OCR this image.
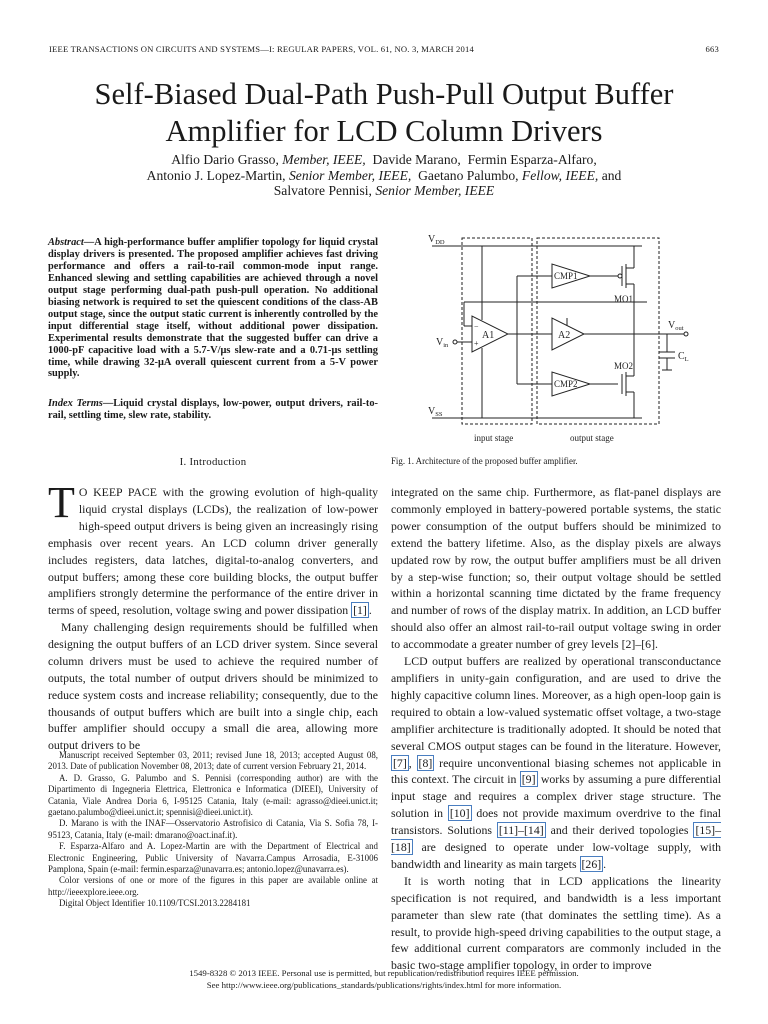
IEEE TRANSACTIONS ON CIRCUITS AND SYSTEMS—I: REGULAR PAPERS, VOL. 61, NO. 3, MARCH 2014	663
Self-Biased Dual-Path Push-Pull Output Buffer
Amplifier for LCD Column Drivers
Alfio Dario Grasso, Member, IEEE, Davide Marano, Fermin Esparza-Alfaro,
Antonio J. Lopez-Martin, Senior Member, IEEE, Gaetano Palumbo, Fellow, IEEE, and
Salvatore Pennisi, Senior Member, IEEE
Abstract—A high-performance buffer amplifier topology for liquid crystal display drivers is presented. The proposed amplifier achieves fast driving performance and offers a rail-to-rail common-mode input range. Enhanced slewing and settling capabilities are achieved through a novel output stage performing dual-path push-pull operation. No additional biasing network is required to set the quiescent conditions of the class-AB output stage, since the output static current is inherently controlled by the input differential stage itself, without additional power dissipation. Experimental results demonstrate that the suggested buffer can drive a 1000-pF capacitive load with a 5.7-V/μs slew-rate and a 0.71-μs settling time, while drawing 32-μA overall quiescent current from a 5-V power supply.
Index Terms—Liquid crystal displays, low-power, output drivers, rail-to-rail, settling time, slew rate, stability.
I. Introduction

T O KEEP PACE with the growing evolution of high-quality liquid crystal displays (LCDs), the realization of low-power high-speed output drivers is being given an increasingly rising emphasis over recent years. An LCD column driver generally includes registers, data latches, digital-to-analog converters, and output buffers; among these core building blocks, the output buffer amplifiers strongly determine the performance of the entire driver in terms of speed, resolution, voltage swing and power dissipation [1] .

Many challenging design requirements should be fulfilled when designing the output buffers of an LCD driver system. Since several column drivers must be used to achieve the required number of outputs, the total number of output drivers should be minimized to reduce system costs and increase reliability; consequently, due to the thousands of output buffers which are built into a single chip, each buffer amplifier should occupy a small die area, allowing more output drivers to be

Manuscript received September 03, 2011; revised June 18, 2013; accepted August 08, 2013. Date of publication November 08, 2013; date of current version February 21, 2014.

A. D. Grasso, G. Palumbo and S. Pennisi (corresponding author) are with the Dipartimento di Ingegneria Elettrica, Elettronica e Informatica (DIEEI), University of Catania, Viale Andrea Doria 6, I-95125 Catania, Italy (e-mail: agrasso@dieei.unict.it; gaetano.palumbo@dieei.unict.it; spennisi@dieei.unict.it).

D. Marano is with the INAF—Osservatorio Astrofisico di Catania, Via S. Sofia 78, I-95123, Catania, Italy (e-mail: dmarano@oact.inaf.it).

F. Esparza-Alfaro and A. Lopez-Martin are with the Department of Electrical and Electronic Engineering, Public University of Navarra.Campus Arrosadia, E-31006 Pamplona, Spain (e-mail: fermin.esparza@unavarra.es; antonio.lopez@unavarra.es).

Color versions of one or more of the figures in this paper are available online at http://ieeexplore.ieee.org.

Digital Object Identifier 10.1109/TCSI.2013.2284181

$V_{DD}$
$V_{SS}$
$V_{in}$
$V_{out}$
$C_L$
A1	A2
CMP1
CMP2
MO1
MO2
input stage	output stage
−
+
Fig. 1. Architecture of the proposed buffer amplifier.

integrated on the same chip. Furthermore, as flat-panel displays are commonly employed in battery-powered portable systems, the static power consumption of the output buffers should be minimized to extend the battery lifetime. Also, as the display pixels are always updated row by row, the output buffer amplifiers must be all driven by a step-wise function; so, their output voltage should be settled within a horizontal scanning time dictated by the frame frequency and number of rows of the display matrix. In addition, an LCD buffer should also offer an almost rail-to-rail output voltage swing in order to accommodate a greater number of grey levels [2]–[6].

LCD output buffers are realized by operational transconductance amplifiers in unity-gain configuration, and are used to drive the highly capacitive column lines. Moreover, as a high open-loop gain is required to obtain a low-valued systematic offset voltage, a two-stage amplifier architecture is traditionally adopted. It should be noted that several CMOS output stages can be found in the literature. However, [7] , [8] require unconventional biasing schemes not applicable in this context. The circuit in [9] works by assuming a pure differential input stage and requires a complex driver stage structure. The solution in [10] does not provide maximum overdrive to the final transistors. Solutions [11]–[14] and their derived topologies [15]–[18] are designed to operate under low-voltage supply, with bandwidth and linearity as main targets [26] .

It is worth noting that in LCD applications the linearity specification is not required, and bandwidth is a less important parameter than slew rate (that dominates the settling time). As a result, to provide high-speed driving capabilities to the output stage, a few additional current comparators are commonly included in the basic two-stage amplifier topology, in order to improve

1549-8328 © 2013 IEEE. Personal use is permitted, but republication/redistribution requires IEEE permission.
See http://www.ieee.org/publications_standards/publications/rights/index.html for more information.
